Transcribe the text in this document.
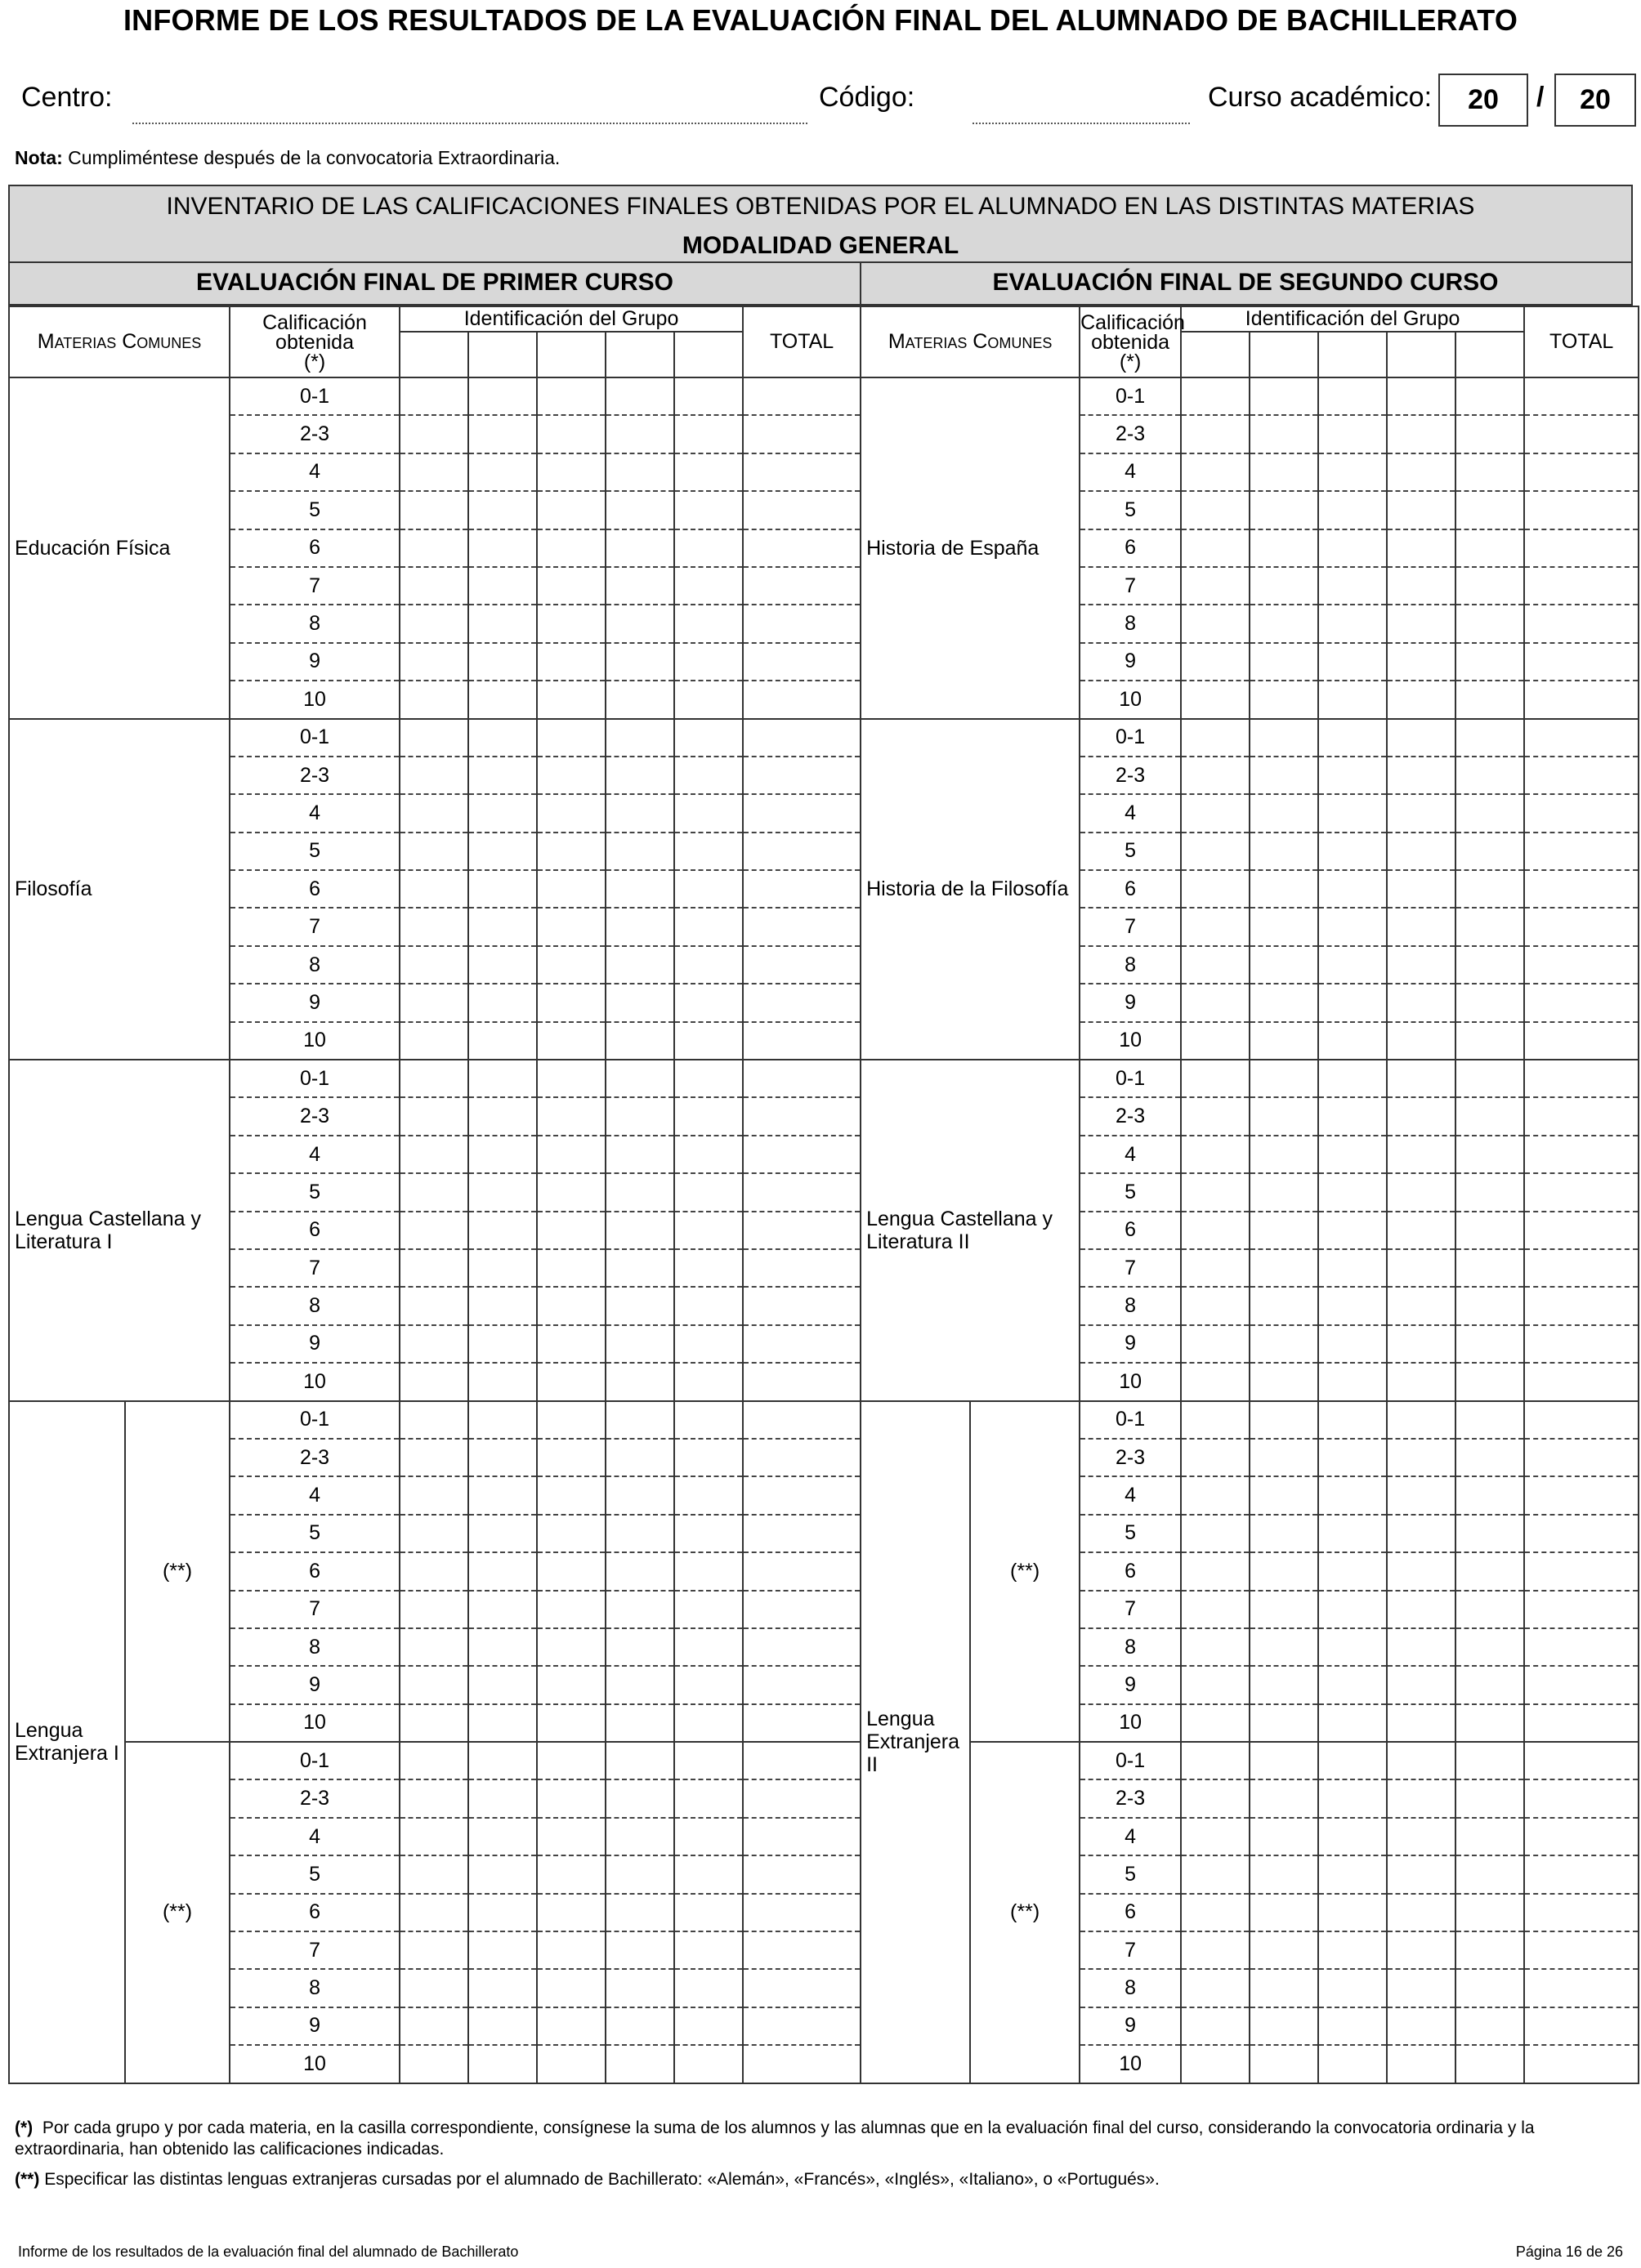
INFORME DE LOS RESULTADOS DE LA EVALUACIÓN FINAL DEL ALUMNADO DE BACHILLERATO
Centro:	Código:	Curso académico: 20 / 20
Nota: Cumpliméntese después de la convocatoria Extraordinaria.
INVENTARIO DE LAS CALIFICACIONES FINALES OBTENIDAS POR EL ALUMNADO EN LAS DISTINTAS MATERIAS
MODALIDAD GENERAL
EVALUACIÓN FINAL DE PRIMER CURSO	EVALUACIÓN FINAL DE SEGUNDO CURSO
Materias Comunes		Calificación
obtenida
(*)	Identificación del Grupo					TOTAL	Materias Comunes		Calificación
obtenida
(*)	Identificación del Grupo					TOTAL

Educación Física		0-1							Historia de España		0-1						
		2-3									2-3						
		4									4						
		5									5						
		6									6						
		7									7						
		8									8						
		9									9						
		10									10						
Filosofía		0-1							Historia de la Filosofía		0-1						
		2-3									2-3						
		4									4						
		5									5						
		6									6						
		7									7						
		8									8						
		9									9						
		10									10						
Lengua Castellana y Literatura I		0-1							Lengua Castellana y Literatura II		0-1						
		2-3									2-3						
		4									4						
		5									5						
		6									6						
		7									7						
		8									8						
		9									9						
		10									10						
Lengua Extranjera I	(**)	0-1							Lengua Extranjera II	(**)	0-1						
		2-3									2-3						
		4									4						
		5									5						
		6									6						
		7									7						
		8									8						
		9									9						
		10									10						
	(**)	0-1								(**)	0-1						
		2-3									2-3						
		4									4						
		5									5						
		6									6						
		7									7						
		8									8						
		9									9						
		10									10						
(*) Por cada grupo y por cada materia, en la casilla correspondiente, consígnese la suma de los alumnos y las alumnas que en la evaluación final del curso, considerando la convocatoria ordinaria y la extraordinaria, han obtenido las calificaciones indicadas.
(**) Especificar las distintas lenguas extranjeras cursadas por el alumnado de Bachillerato: «Alemán», «Francés», «Inglés», «Italiano», o «Portugués».
Informe de los resultados de la evaluación final del alumnado de Bachillerato	Página 16 de 26
